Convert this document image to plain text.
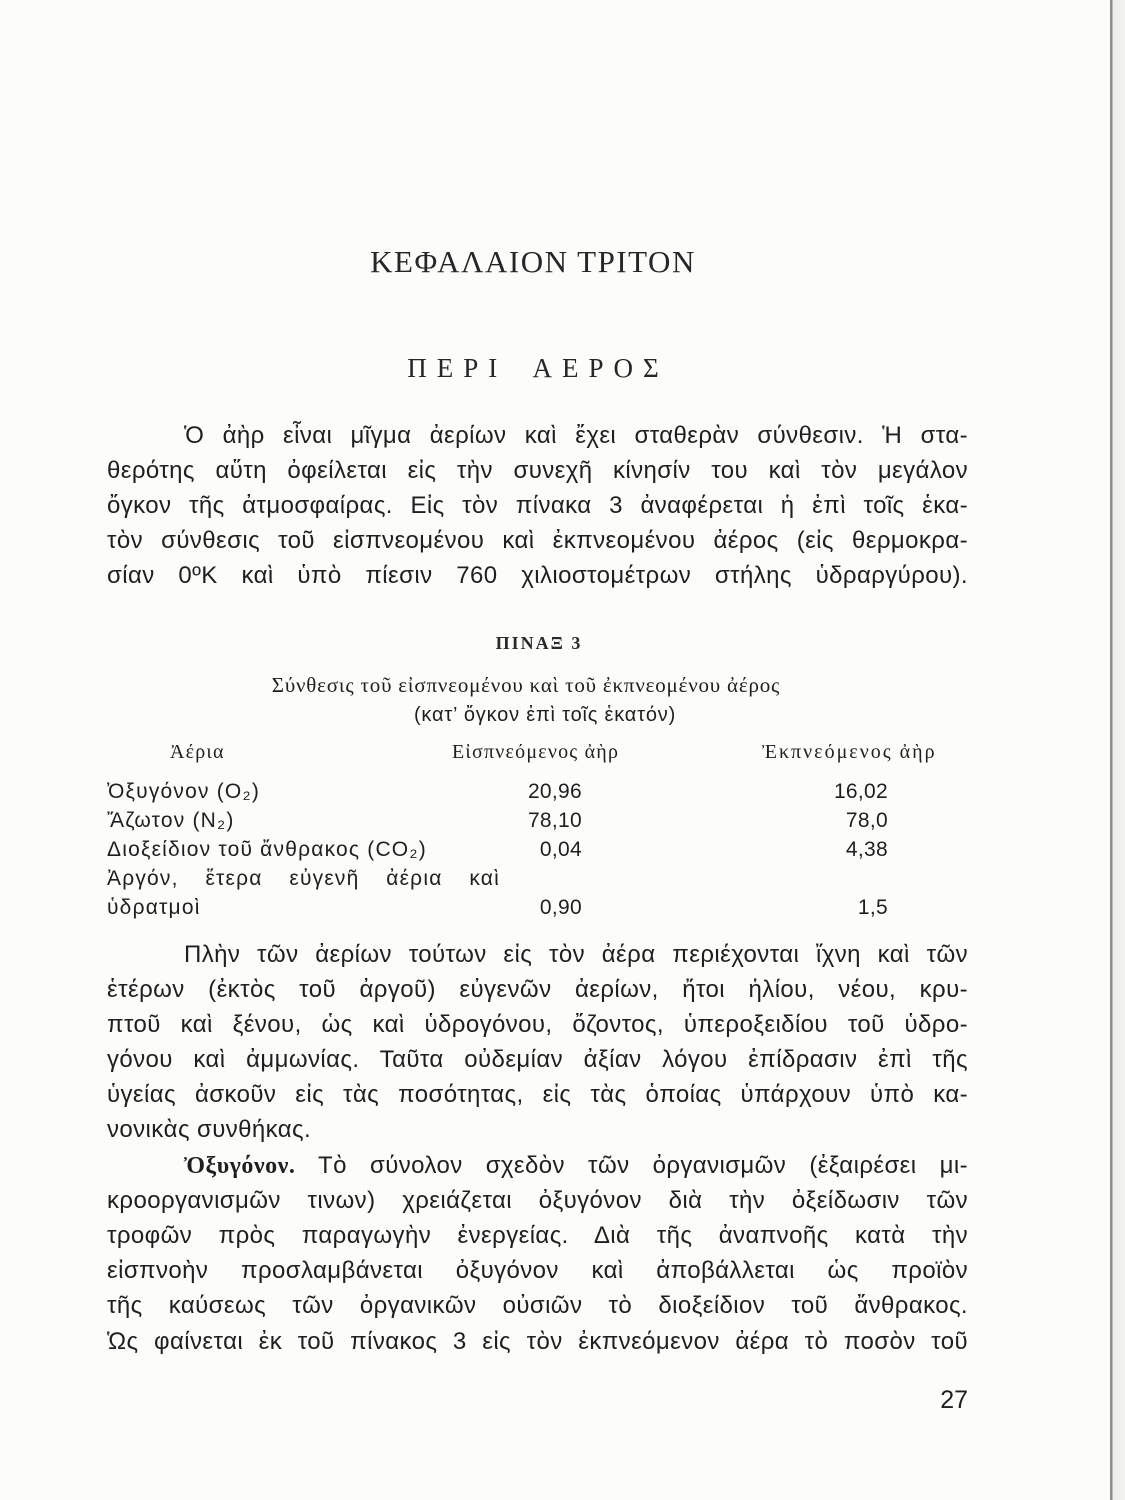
ΚΕΦΑΛΑΙΟΝ ΤΡΙΤΟΝ
ΠΕΡΙ ΑΕΡΟΣ
Ὁ ἀὴρ εἶναι μῖγμα ἀερίων καὶ ἔχει σταθερὰν σύνθεσιν. Ἡ στα-
θερότης αὕτη ὀφείλεται εἰς τὴν συνεχῆ κίνησίν του καὶ τὸν μεγάλον
ὄγκον τῆς ἀτμοσφαίρας. Εἰς τὸν πίνακα 3 ἀναφέρεται ἡ ἐπὶ τοῖς ἑκα-
τὸν σύνθεσις τοῦ εἰσπνεομένου καὶ ἐκπνεομένου ἀέρος (εἰς θερμοκρα-
σίαν 0ºK καὶ ὑπὸ πίεσιν 760 χιλιοστομέτρων στήλης ὑδραργύρου).
ΠΙΝΑΞ 3
Σύνθεσις τοῦ εἰσπνεομένου καὶ τοῦ ἐκπνεομένου ἀέρος
(κατ’ ὄγκον ἐπὶ τοῖς ἑκατόν)
Ἀέρια	Εἰσπνεόμενος ἀὴρ	Ἐκπνεόμενος ἀὴρ
Ὀξυγόνον (O₂)	20,96	16,02
Ἄζωτον (N₂)	78,10	78,0
Διοξείδιον τοῦ ἄνθρακος (CO₂)	0,04	4,38
Ἀργόν, ἕτερα εὐγενῆ ἀέρια καὶ
ὑδρατμοὶ	0,90	1,5
Πλὴν τῶν ἀερίων τούτων εἰς τὸν ἀέρα περιέχονται ἴχνη καὶ τῶν
ἑτέρων (ἐκτὸς τοῦ ἀργοῦ) εὐγενῶν ἀερίων, ἤτοι ἡλίου, νέου, κρυ-
πτοῦ καὶ ξένου, ὡς καὶ ὑδρογόνου, ὄζοντος, ὑπεροξειδίου τοῦ ὑδρο-
γόνου καὶ ἀμμωνίας. Ταῦτα οὐδεμίαν ἀξίαν λόγου ἐπίδρασιν ἐπὶ τῆς
ὑγείας ἀσκοῦν εἰς τὰς ποσότητας, εἰς τὰς ὁποίας ὑπάρχουν ὑπὸ κα-
νονικὰς συνθήκας.
Ὀξυγόνον. Τὸ σύνολον σχεδὸν τῶν ὀργανισμῶν (ἐξαιρέσει μι-
κροοργανισμῶν τινων) χρειάζεται ὀξυγόνον διὰ τὴν ὀξείδωσιν τῶν
τροφῶν πρὸς παραγωγὴν ἐνεργείας. Διὰ τῆς ἀναπνοῆς κατὰ τὴν
εἰσπνοὴν προσλαμβάνεται ὀξυγόνον καὶ ἀποβάλλεται ὡς προϊὸν
τῆς καύσεως τῶν ὀργανικῶν οὐσιῶν τὸ διοξείδιον τοῦ ἄνθρακος.
Ὡς φαίνεται ἐκ τοῦ πίνακος 3 εἰς τὸν ἐκπνεόμενον ἀέρα τὸ ποσὸν τοῦ
27
